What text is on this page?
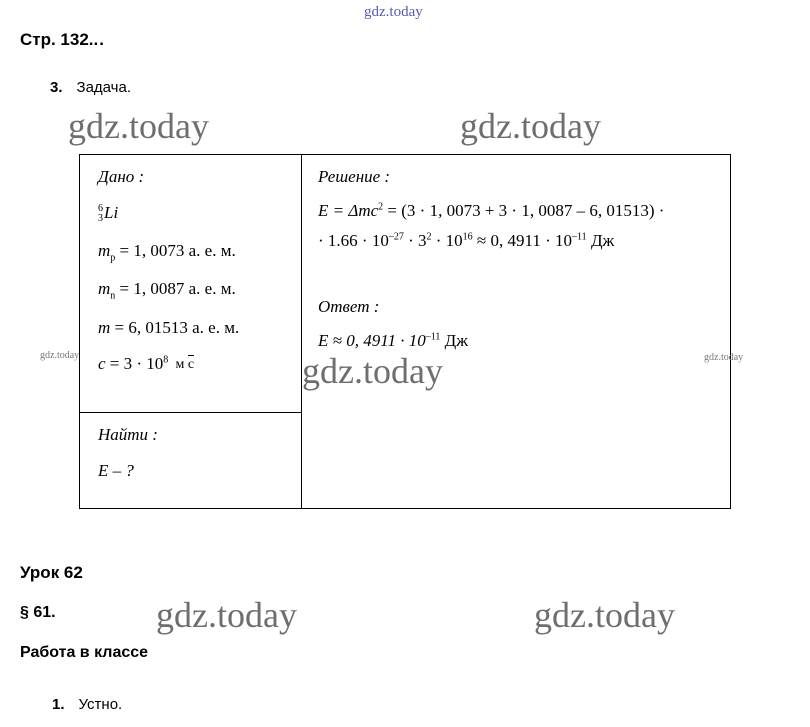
gdz.today
Стр. 132...
3. Задача.
gdz.today	gdz.today
Дано :
6
3Li
$m_p = 1$, 0073 а. е. м.
$m_n = 1$, 0087 а. е. м.
m = 6, 01513 а. е. м.
$c = 3 \cdot 10^8$ м с
Найти :
E – ?
Решение :
E = Δmc$^2$ = (3 · 1, 0073 + 3 · 1, 0087 – 6, 01513) ·
· $1.66 \cdot 10^{-27} \cdot 3^2 \cdot 10^{16} \approx 0$, $4911 \cdot 10^{-11}$ Дж
Ответ :
E ≈ 0, $4911 \cdot 10^{-11}$ Дж
gdz.today
gdz.today	gdz.today
Урок 62
§ 61.
Работа в классе
gdz.today	gdz.today
1. Устно.
